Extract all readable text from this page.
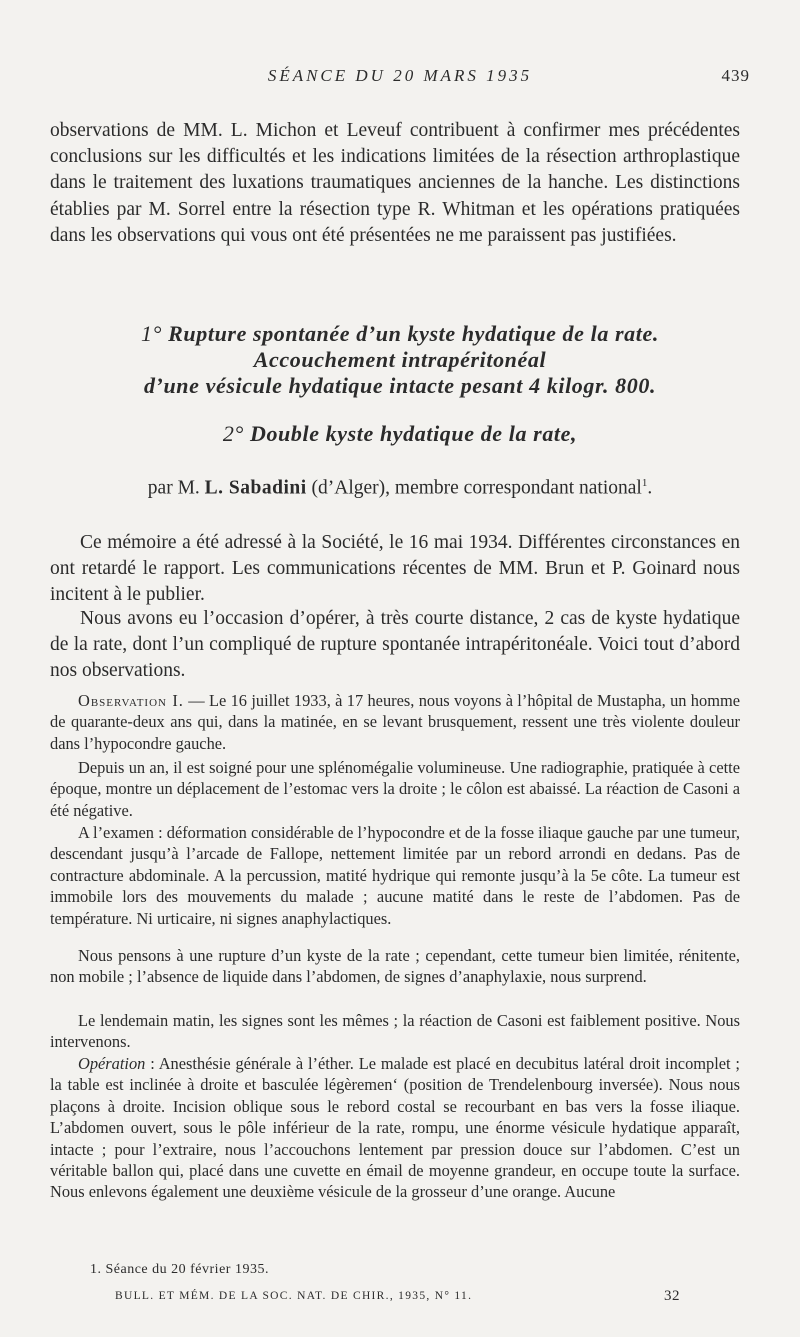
SÉANCE DU 20 MARS 1935	439

observations de MM. L. Michon et Leveuf contribuent à confirmer mes précédentes conclusions sur les difficultés et les indications limitées de la résection arthroplastique dans le traitement des luxations traumatiques anciennes de la hanche. Les distinctions établies par M. Sorrel entre la résection type R. Whitman et les opérations pratiquées dans les observations qui vous ont été présentées ne me paraissent pas justifiées.

1° Rupture spontanée d’un kyste hydatique de la rate.
Accouchement intrapéritonéal
d’une vésicule hydatique intacte pesant 4 kilogr. 800.
2° Double kyste hydatique de la rate,
par M. L. Sabadini (d’Alger), membre correspondant national$^1$.

Ce mémoire a été adressé à la Société, le 16 mai 1934. Différentes circonstances en ont retardé le rapport. Les communications récentes de MM. Brun et P. Goinard nous incitent à le publier.

Nous avons eu l’occasion d’opérer, à très courte distance, 2 cas de kyste hydatique de la rate, dont l’un compliqué de rupture spontanée intrapéritonéale. Voici tout d’abord nos observations.

Observation I. — Le 16 juillet 1933, à 17 heures, nous voyons à l’hôpital de Mustapha, un homme de quarante-deux ans qui, dans la matinée, en se levant brusquement, ressent une très violente douleur dans l’hypocondre gauche.

Depuis un an, il est soigné pour une splénomégalie volumineuse. Une radiographie, pratiquée à cette époque, montre un déplacement de l’estomac vers la droite ; le côlon est abaissé. La réaction de Casoni a été négative.

A l’examen : déformation considérable de l’hypocondre et de la fosse iliaque gauche par une tumeur, descendant jusqu’à l’arcade de Fallope, nettement limitée par un rebord arrondi en dedans. Pas de contracture abdominale. A la percussion, matité hydrique qui remonte jusqu’à la 5e côte. La tumeur est immobile lors des mouvements du malade ; aucune matité dans le reste de l’abdomen. Pas de température. Ni urticaire, ni signes anaphylactiques.

Nous pensons à une rupture d’un kyste de la rate ; cependant, cette tumeur bien limitée, rénitente, non mobile ; l’absence de liquide dans l’abdomen, de signes d’anaphylaxie, nous surprend.

Le lendemain matin, les signes sont les mêmes ; la réaction de Casoni est faiblement positive. Nous intervenons.

Opération : Anesthésie générale à l’éther. Le malade est placé en decubitus latéral droit incomplet ; la table est inclinée à droite et basculée légèremen‘ (position de Trendelenbourg inversée). Nous nous plaçons à droite. Incision oblique sous le rebord costal se recourbant en bas vers la fosse iliaque. L’abdomen ouvert, sous le pôle inférieur de la rate, rompu, une énorme vésicule hydatique apparaît, intacte ; pour l’extraire, nous l’accouchons lentement par pression douce sur l’abdomen. C’est un véritable ballon qui, placé dans une cuvette en émail de moyenne grandeur, en occupe toute la surface. Nous enlevons également une deuxième vésicule de la grosseur d’une orange. Aucune

1. Séance du 20 février 1935.
BULL. ET MÉM. DE LA SOC. NAT. DE CHIR., 1935, N° 11.	32
